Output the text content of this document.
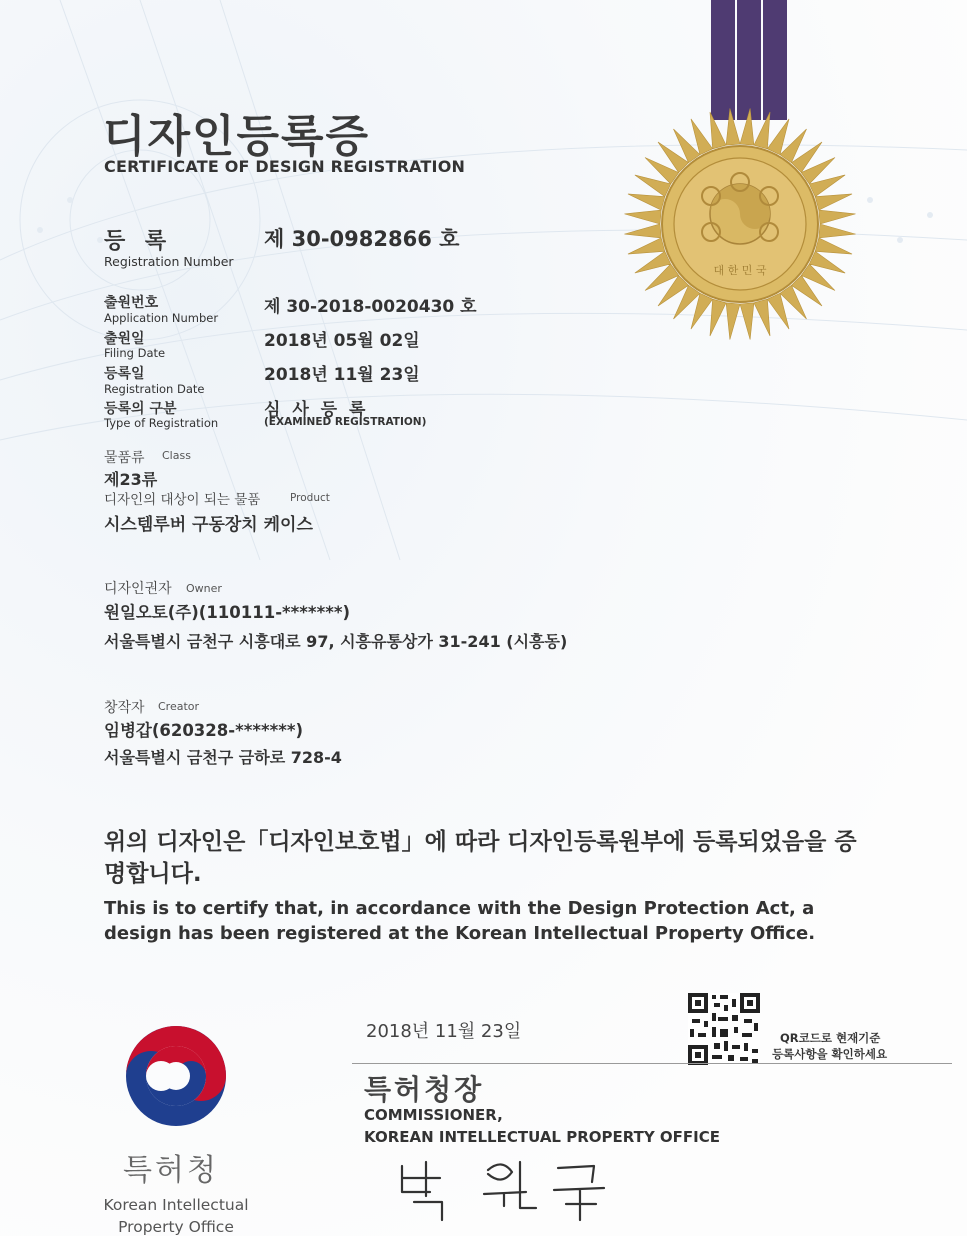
대 한 민 국
디자인등록증
CERTIFICATE OF DESIGN REGISTRATION
등 록
Registration Number
제 30-0982866 호
출원번호
Application Number
제 30-2018-0020430 호
출원일
Filing Date
2018년 05월 02일
등록일
Registration Date
2018년 11월 23일
등록의 구분
Type of Registration
심 사 등 록
(EXAMINED REGISTRATION)
물품류 Class
제23류
디자인의 대상이 되는 물품	Product
시스템루버 구동장치 케이스
디자인권자 Owner
원일오토(주)(110111-*******)
서울특별시 금천구 시흥대로 97, 시흥유통상가 31-241 (시흥동)
창작자 Creator
임병갑(620328-*******)
서울특별시 금천구 금하로 728-4
위의 디자인은「디자인보호법」에 따라 디자인등록원부에 등록되었음을 증명합니다.
This is to certify that, in accordance with the Design Protection Act, a design has been registered at the Korean Intellectual Property Office.
2018년 11월 23일	QR코드로 현재기준
등록사항을 확인하세요
특허청장
COMMISSIONER,
KOREAN INTELLECTUAL PROPERTY OFFICE
특허청
Korean Intellectual Property Office
